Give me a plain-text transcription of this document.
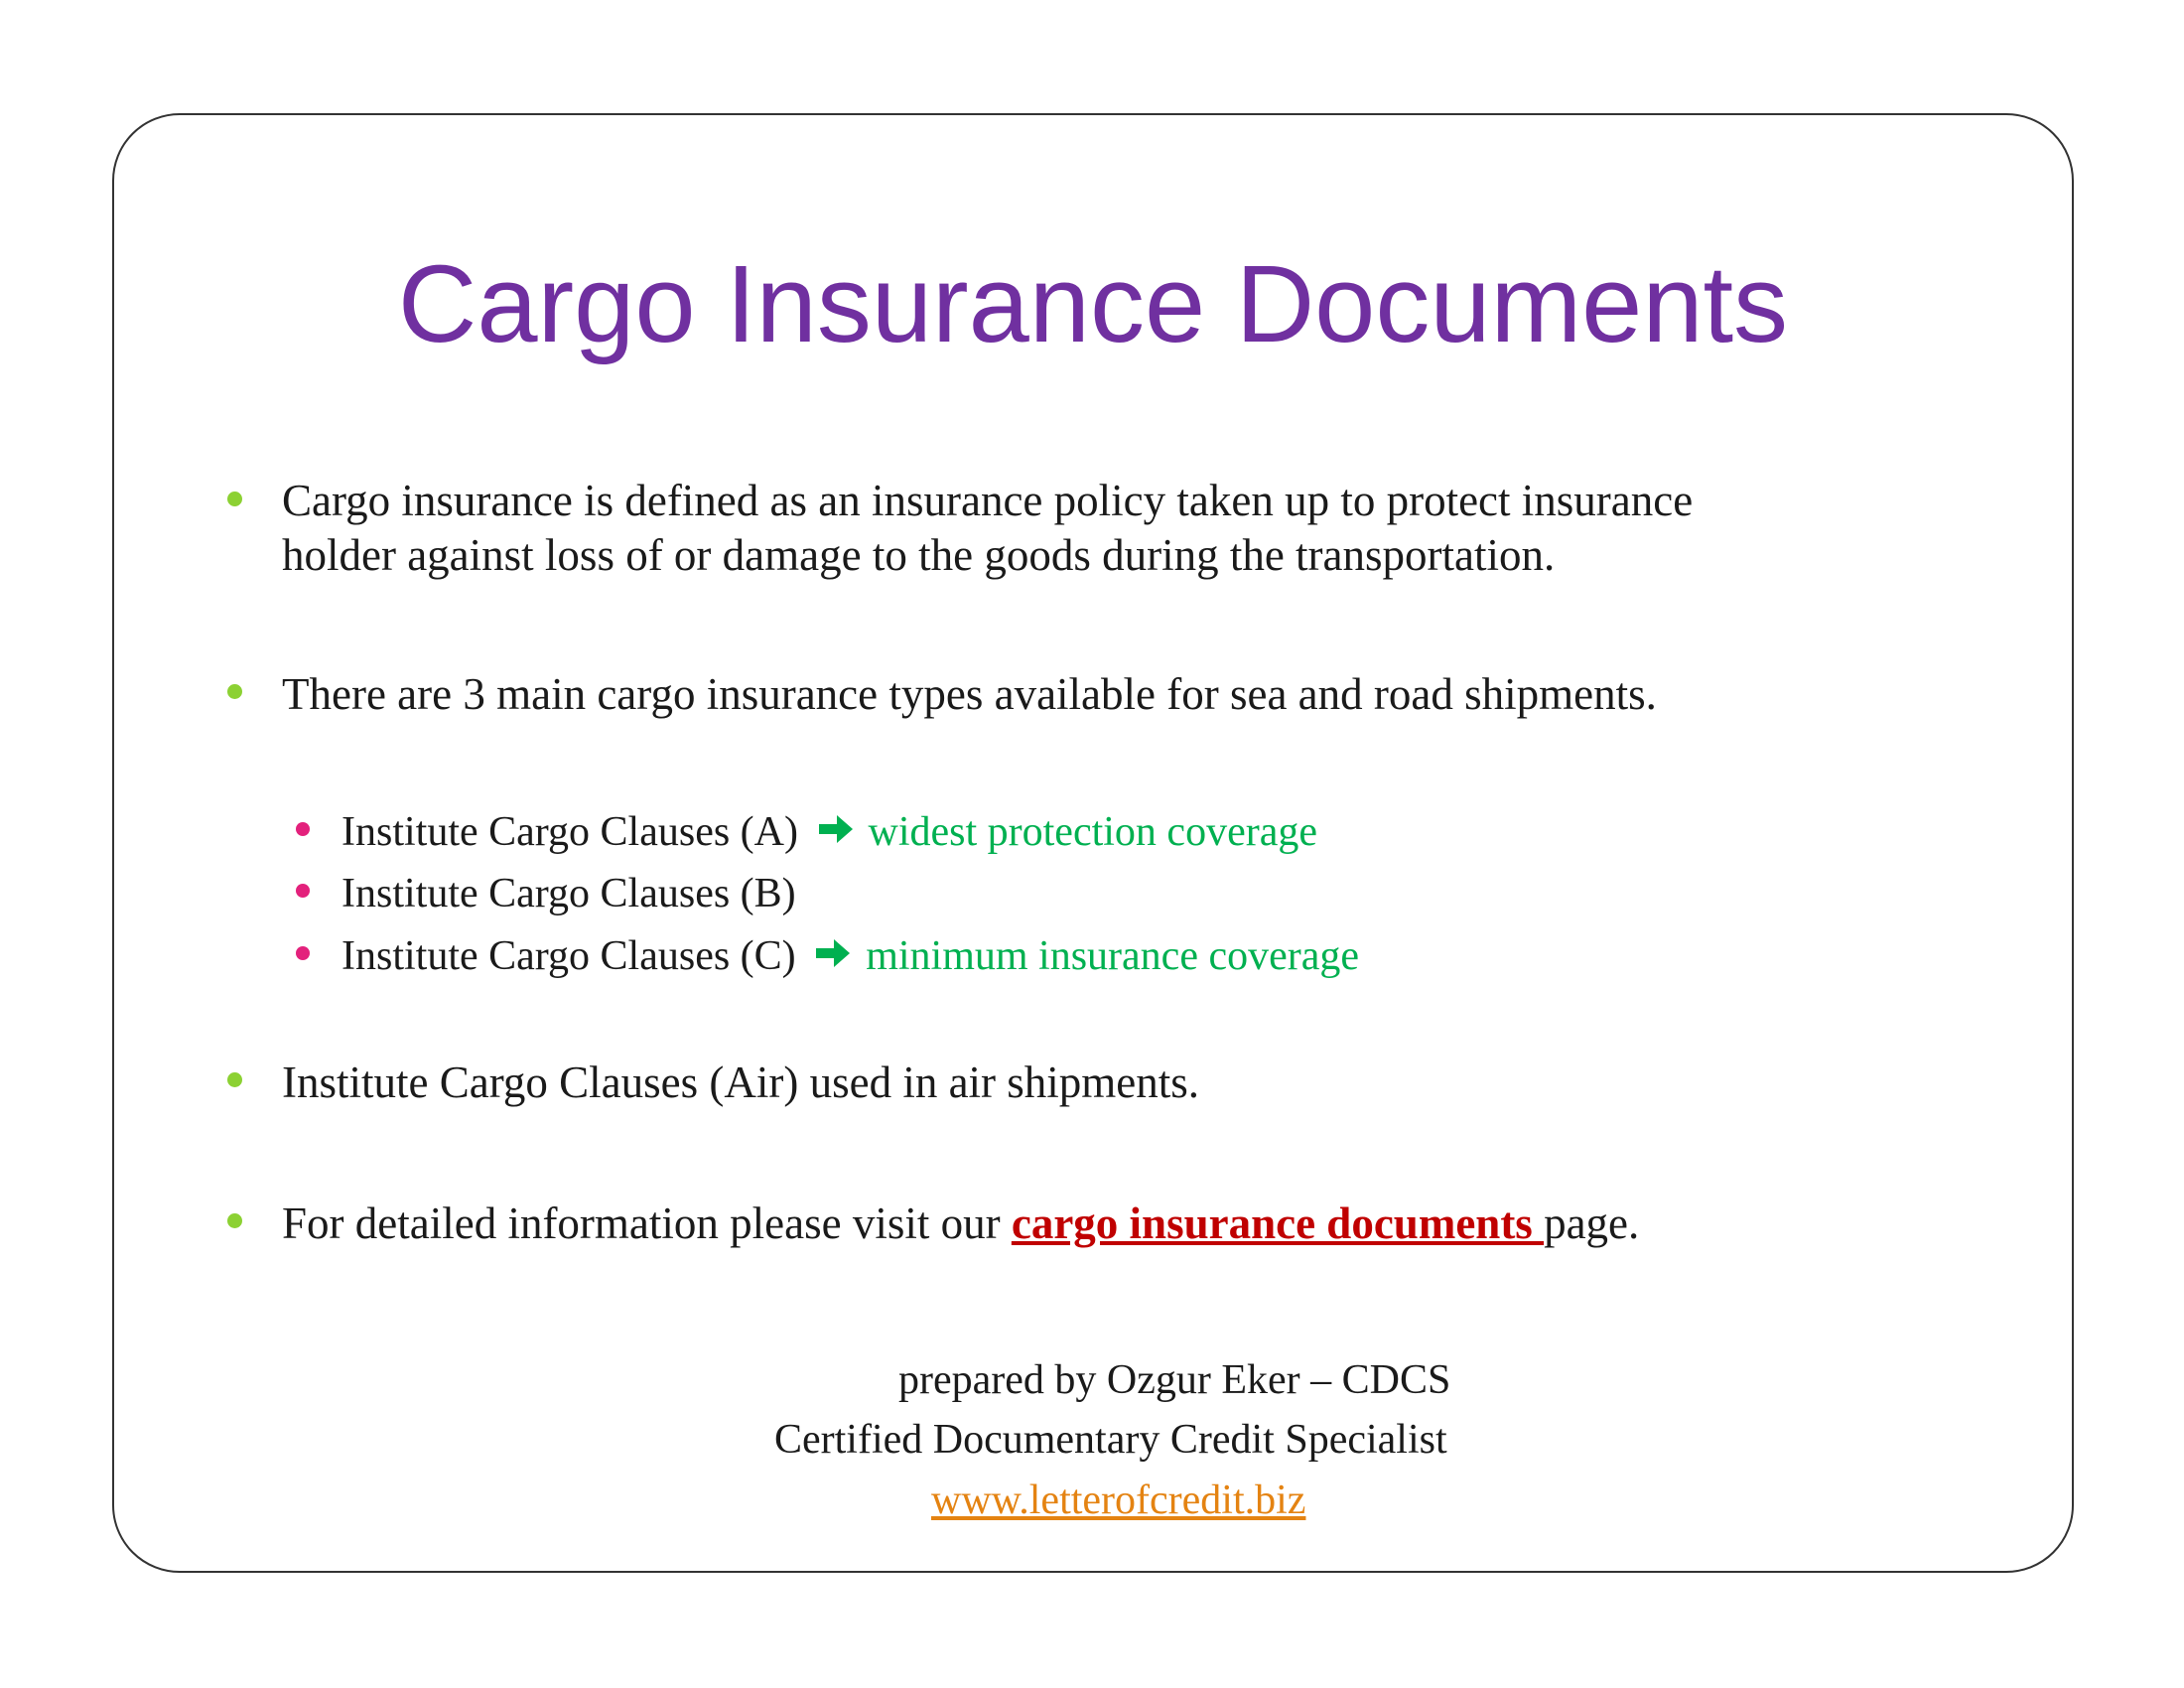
Cargo Insurance Documents
Cargo insurance is defined as an insurance policy taken up to protect insurance
holder against loss of or damage to the goods during the transportation.
There are 3 main cargo insurance types available for sea and road shipments.
Institute Cargo Clauses (A) widest protection coverage
Institute Cargo Clauses (B)
Institute Cargo Clauses (C) minimum insurance coverage
Institute Cargo Clauses (Air) used in air shipments.
For detailed information please visit our cargo insurance documents page.
prepared by Ozgur Eker – CDCS
Certified Documentary Credit Specialist
www.letterofcredit.biz
